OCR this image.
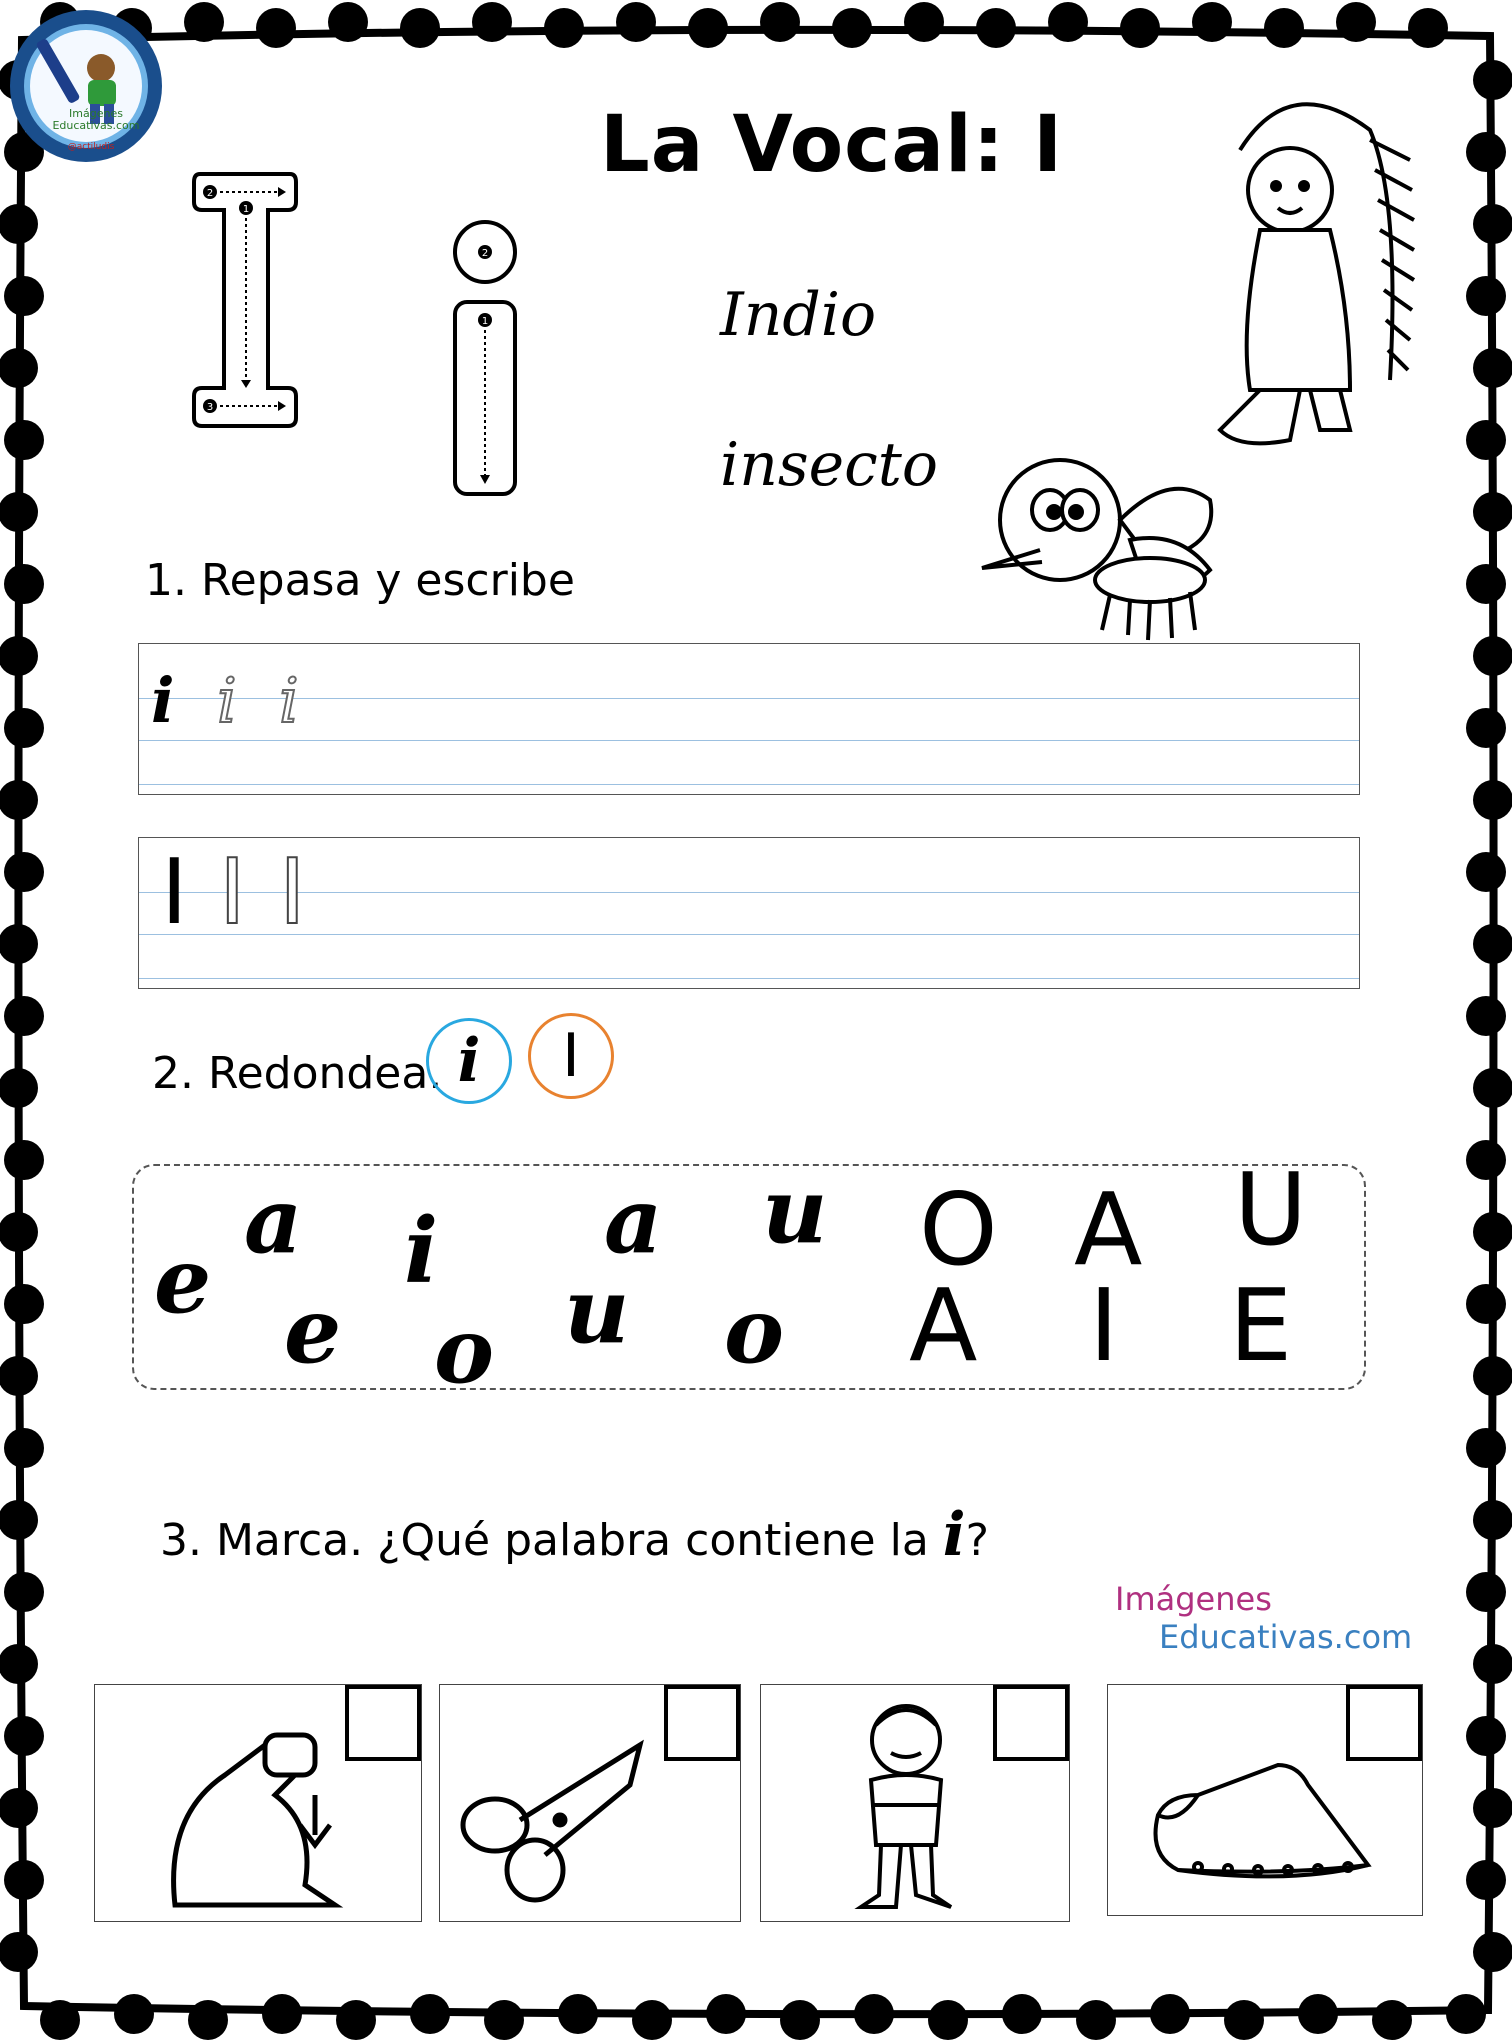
Imágenes Educativas.com
@actiludis	La Vocal: I
2
1
3
2
1	Indio
insecto
1. Repasa y escribe
i i i
I I I
2. Redondea. i I
a	a u O A U
e i
e u
o	o A I E
3. Marca. ¿Qué palabra contiene la i?
Imágenes
Educativas.com
